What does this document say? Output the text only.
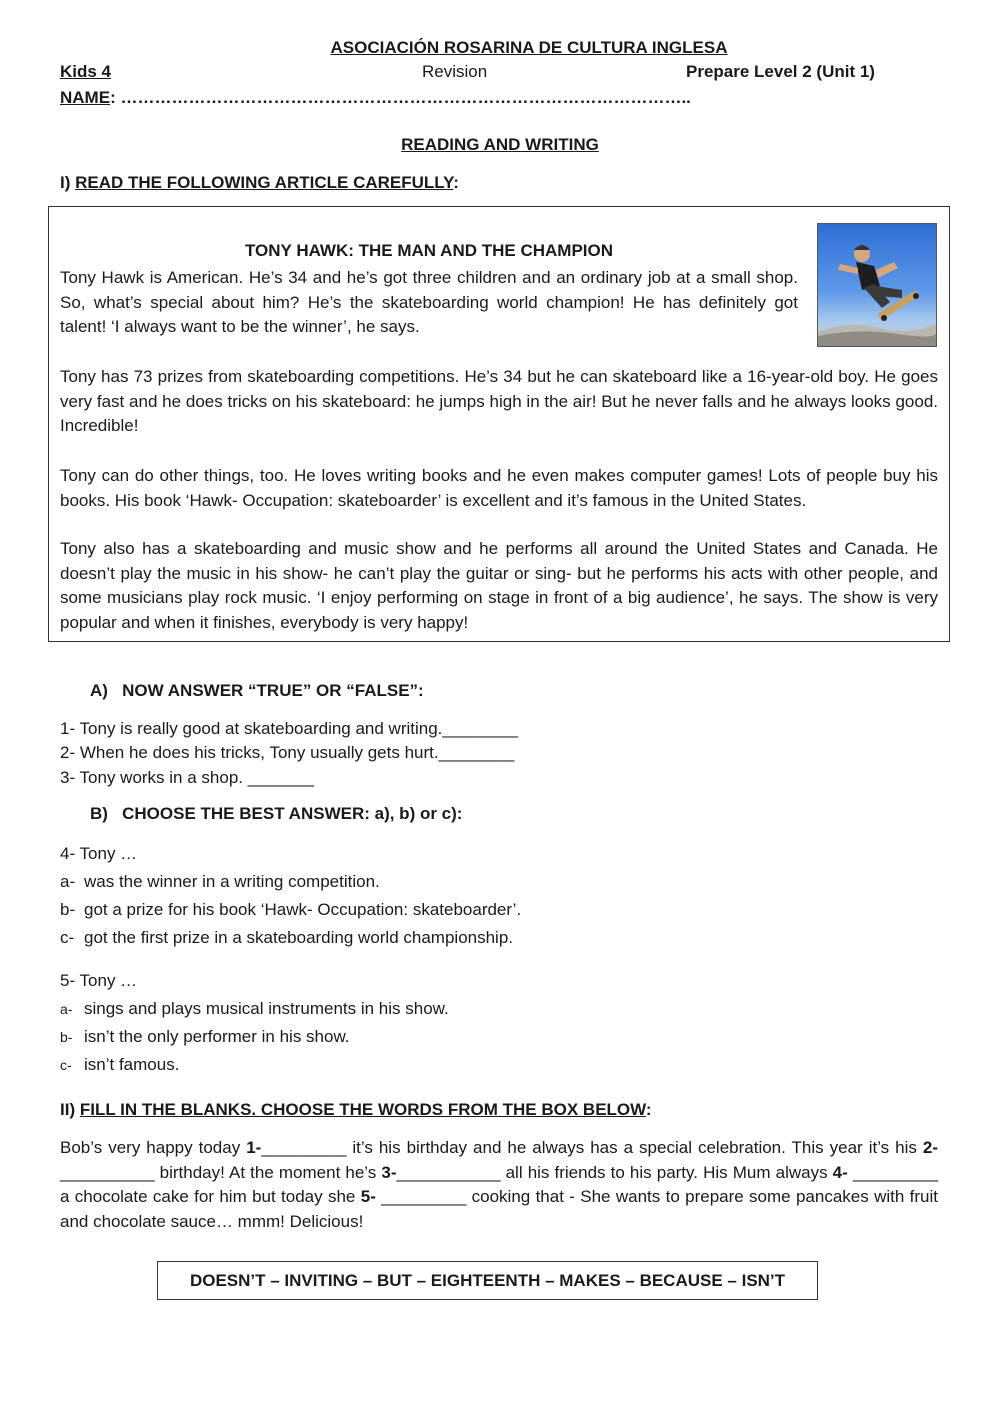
ASOCIACIÓN ROSARINA DE CULTURA INGLESA
Kids 4	Revision	Prepare Level 2 (Unit 1)
NAME: ………………………………………………………………………………………..
READING AND WRITING
I) READ THE FOLLOWING ARTICLE CAREFULLY:
TONY HAWK: THE MAN AND THE CHAMPION
Tony Hawk is American. He’s 34 and he’s got three children and an ordinary job at a small shop. So, what’s special about him? He’s the skateboarding world champion! He has definitely got talent! ‘I always want to be the winner’, he says.
Tony has 73 prizes from skateboarding competitions. He’s 34 but he can skateboard like a 16-year-old boy. He goes very fast and he does tricks on his skateboard: he jumps high in the air! But he never falls and he always looks good. Incredible!
Tony can do other things, too. He loves writing books and he even makes computer games! Lots of people buy his books. His book ‘Hawk- Occupation: skateboarder’ is excellent and it’s famous in the United States.
Tony also has a skateboarding and music show and he performs all around the United States and Canada. He doesn’t play the music in his show- he can’t play the guitar or sing- but he performs his acts with other people, and some musicians play rock music. ‘I enjoy performing on stage in front of a big audience’, he says. The show is very popular and when it finishes, everybody is very happy!
A) NOW ANSWER “TRUE” OR “FALSE”:
1- Tony is really good at skateboarding and writing.________
2- When he does his tricks, Tony usually gets hurt.________
3- Tony works in a shop. _______
B) CHOOSE THE BEST ANSWER: a), b) or c):
4- Tony …
a- was the winner in a writing competition.
b- got a prize for his book ‘Hawk- Occupation: skateboarder’.
c- got the first prize in a skateboarding world championship.
5- Tony …
a- sings and plays musical instruments in his show.
b- isn’t the only performer in his show.
c- isn’t famous.
II) FILL IN THE BLANKS. CHOOSE THE WORDS FROM THE BOX BELOW:
Bob’s very happy today 1-_________ it’s his birthday and he always has a special celebration. This year it’s his 2- __________ birthday! At the moment he’s 3-___________ all his friends to his party. His Mum always 4- _________ a chocolate cake for him but today she 5- _________ cooking that - She wants to prepare some pancakes with fruit and chocolate sauce… mmm! Delicious!
DOESN’T – INVITING – BUT – EIGHTEENTH – MAKES – BECAUSE – ISN’T
